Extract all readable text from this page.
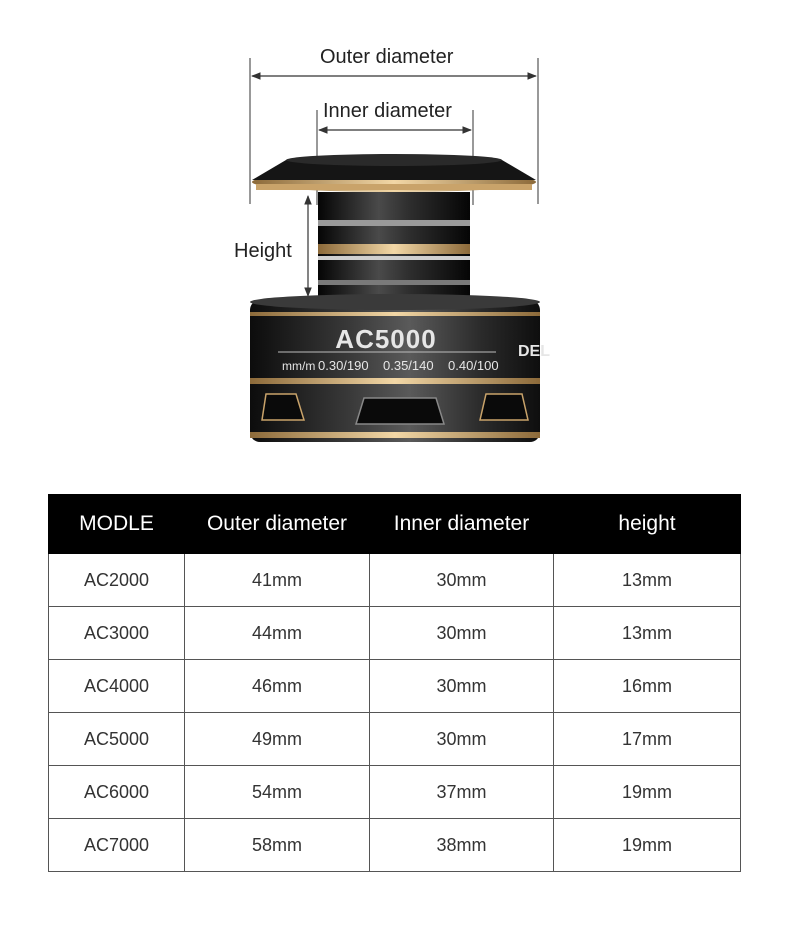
Outer diameter
Inner diameter
Height
AC5000
mm/m 0.30/190 0.35/140 0.40/100
DEL
MODLE	Outer diameter	Inner diameter	height
AC2000	41mm	30mm	13mm
AC3000	44mm	30mm	13mm
AC4000	46mm	30mm	16mm
AC5000	49mm	30mm	17mm
AC6000	54mm	37mm	19mm
AC7000	58mm	38mm	19mm
